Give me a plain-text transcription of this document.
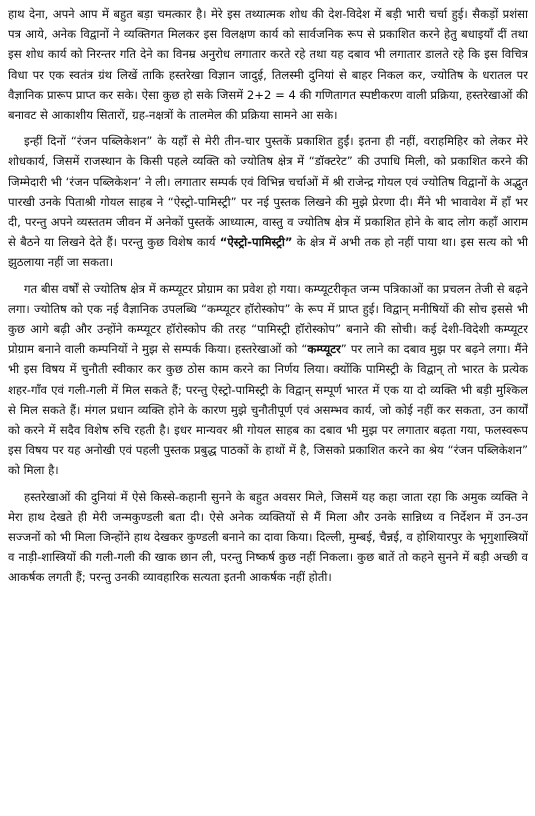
हाथ देना, अपने आप में बहुत बड़ा चमत्कार है। मेरे इस तथ्यात्मक शोध की देश-विदेश में बड़ी भारी चर्चा हुई। सैकड़ों प्रशंसा पत्र आये, अनेक विद्वानों ने व्यक्तिगत मिलकर इस विलक्षण कार्य को सार्वजनिक रूप से प्रकाशित करने हेतु बधाइयाँ दीं तथा इस शोध कार्य को निरन्तर गति देने का विनम्र अनुरोध लगातार करते रहे तथा यह दबाव भी लगातार डालते रहे कि इस विचित्र विधा पर एक स्वतंत्र ग्रंथ लिखें ताकि हस्तरेखा विज्ञान जादुई, तिलस्मी दुनियां से बाहर निकल कर, ज्योतिष के धरातल पर वैज्ञानिक प्रारूप प्राप्त कर सके। ऐसा कुछ हो सके जिसमें 2+2 = 4 की गणितागत स्पष्टीकरण वाली प्रक्रिया, हस्तरेखाओं की बनावट से आकाशीय सितारों, ग्रह-नक्षत्रों के तालमेल की प्रक्रिया सामने आ सके।

इन्हीं दिनों “रंजन पब्लिकेशन” के यहाँ से मेरी तीन-चार पुस्तकें प्रकाशित हुईं। इतना ही नहीं, वराहमिहिर को लेकर मेरे शोधकार्य, जिसमें राजस्थान के किसी पहले व्यक्ति को ज्योतिष क्षेत्र में “डॉक्टरेट” की उपाधि मिली, को प्रकाशित करने की जिम्मेदारी भी ‘रंजन पब्लिकेशन’ ने ली। लगातार सम्पर्क एवं विभिन्न चर्चाओं में श्री राजेन्द्र गोयल एवं ज्योतिष विद्वानों के अद्भुत पारखी उनके पिताश्री गोयल साहब ने “ऐस्ट्रो-पामिस्ट्री” पर नई पुस्तक लिखने की मुझे प्रेरणा दी। मैंने भी भावावेश में हाँ भर दी, परन्तु अपने व्यस्ततम जीवन में अनेकों पुस्तकें आध्यात्म, वास्तु व ज्योतिष क्षेत्र में प्रकाशित होने के बाद लोग कहाँ आराम से बैठने या लिखने देते हैं। परन्तु कुछ विशेष कार्य “ऐस्ट्रो-पामिस्ट्री” के क्षेत्र में अभी तक हो नहीं पाया था। इस सत्य को भी झुठलाया नहीं जा सकता।

गत बीस वर्षों से ज्योतिष क्षेत्र में कम्प्यूटर प्रोग्राम का प्रवेश हो गया। कम्प्यूटरीकृत जन्म पत्रिकाओं का प्रचलन तेजी से बढ़ने लगा। ज्योतिष को एक नई वैज्ञानिक उपलब्धि “कम्प्यूटर हॉरोस्कोप” के रूप में प्राप्त हुई। विद्वान् मनीषियों की सोच इससे भी कुछ आगे बढ़ी और उन्होंने कम्प्यूटर हॉरोस्कोप की तरह “पामिस्ट्री हॉरोस्कोप” बनाने की सोची। कई देशी-विदेशी कम्प्यूटर प्रोग्राम बनाने वाली कम्पनियों ने मुझ से सम्पर्क किया। हस्तरेखाओं को “कम्प्यूटर” पर लाने का दबाव मुझ पर बढ़ने लगा। मैंने भी इस विषय में चुनौती स्वीकार कर कुछ ठोस काम करने का निर्णय लिया। क्योंकि पामिस्ट्री के विद्वान् तो भारत के प्रत्येक शहर-गाँव एवं गली-गली में मिल सकते हैं; परन्तु ऐस्ट्रो-पामिस्ट्री के विद्वान् सम्पूर्ण भारत में एक या दो व्यक्ति भी बड़ी मुश्किल से मिल सकते हैं। मंगल प्रधान व्यक्ति होने के कारण मुझे चुनौतीपूर्ण एवं असम्भव कार्य, जो कोई नहीं कर सकता, उन कार्यों को करने में सदैव विशेष रुचि रहती है। इधर मान्यवर श्री गोयल साहब का दबाव भी मुझ पर लगातार बढ़ता गया, फलस्वरूप इस विषय पर यह अनोखी एवं पहली पुस्तक प्रबुद्ध पाठकों के हाथों में है, जिसको प्रकाशित करने का श्रेय “रंजन पब्लिकेशन” को मिला है।

हस्तरेखाओं की दुनियां में ऐसे किस्से-कहानी सुनने के बहुत अवसर मिले, जिसमें यह कहा जाता रहा कि अमुक व्यक्ति ने मेरा हाथ देखते ही मेरी जन्मकुण्डली बता दी। ऐसे अनेक व्यक्तियों से मैं मिला और उनके सान्निध्य व निर्देशन में उन-उन सज्जनों को भी मिला जिन्होंने हाथ देखकर कुण्डली बनाने का दावा किया। दिल्ली, मुम्बई, चैन्नई, व होशियारपुर के भृगुशास्त्रियों व नाड़ी-शास्त्रियों की गली-गली की खाक छान ली, परन्तु निष्कर्ष कुछ नहीं निकला। कुछ बातें तो कहने सुनने में बड़ी अच्छी व आकर्षक लगती हैं; परन्तु उनकी व्यावहारिक सत्यता इतनी आकर्षक नहीं होती।
